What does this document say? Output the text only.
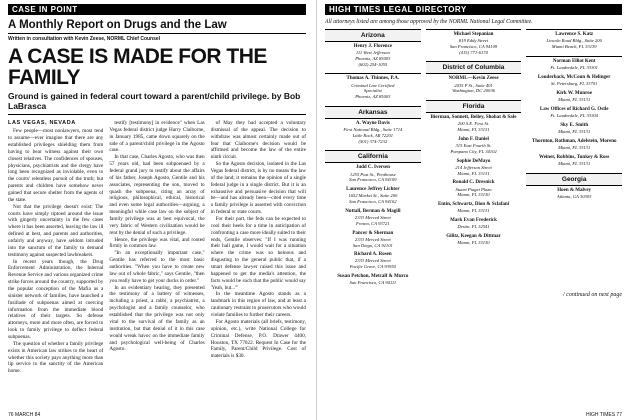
CASE IN POINT
A Monthly Report on Drugs and the Law
Written in consultation with Kevin Zeese, NORML Chief Counsel
A CASE IS MADE FOR THE FAMILY
Ground is gained in federal court toward a parent/child privilege. by Bob LaBrasca
LAS VEGAS, NEVADA

Few people—most nonlawyers, most tend to assume—ever imagine that there are any established privileges shielding them from having to bear witness against their own closest relatives. The confidences of spouses, physicians, psychiatrists and the clergy have long been recognized as inviolable, even to the courts' relentless pursuit of the truth; but parents and children have somehow never gained that secure shelter from the agents of the state.

Not that the privilege doesn't exist: The courts have simply tiptoed around the issue with gingerly uncertainty in the few cases where it has been asserted, leaving the law ill defined at best, and parents and authorities, unfairly and anyway, have seldom intruded into the sanctum of the family to demand testimony against suspected lawbreakers.

In recent years though, the Drug Enforcement Administration, the Internal Revenue Service and various organized crime strike forces around the country, supported by the popular conception of the Mafia as a sinister network of families, have launched a fusillade of subpoenas aimed at coercing information from the immediate blood relatives of their targets. So defense attorneys, more and more often, are forced to look to family privilege to deflect federal subpoenas.

The question of whether a family privilege exists in American law strikes to the heart of whether this society pays anything more than lip service to the sanctity of the American home.

testify [testimony] in evidence" when Las Vegas federal district judge Harry Claiborne, in January 1985, came down squarely on the side of a parent/child privilege in the Agosto case.

In that case, Charles Agosto, who was then 57 years old, had been subpoenaed by a federal grand jury to testify about the affairs of his father, Joseph Agosto, Gentile and his associates, representing the son, moved to quash the subpoena, citing an array of religious, philosophical, ethical, historical and even some legal authorities—arguing, a meaningful while case law on the subject of family privilege was at best equivocal, the very fabric of Western civilization would be rent by the denial of such a privilege.

Hence, the privilege was vital, and rooted firmly in common law.

"In an exceptionally important case," Gentile has referred to the most basic authorities. "When you have to create new law out of whole fabric," says Gentile, "then you really have to get your ducks in order."

In an evidentiary hearing, they presented the testimony of a battery of witnesses, including a priest, a rabbi, a psychiatrist, a psychologist and a family counselor, who established that the privilege was not only vital to the survival of the family as an institution, but that denial of it in this case would wreak havoc on the immediate family and psychological well-being of Charles Agosto.

of May they had accepted a voluntary dismissal of the appeal. The decision to withdraw was almost certainly made out of fear that Claiborne's decision would be affirmed and become the law of the entire ninth circuit.

So the Agosto decision, isolated in the Las Vegas federal district, is by no means the law of the land; it remains the opinion of a single federal judge in a single district. But it is an exhaustive and persuasive decision that will be—and has already been—cited every time a family privilege is asserted with conviction in federal or state courts.

For their part, the feds can be expected to cool their heels for a time in anticipation of confronting a case more ideally suited to their ends, Gentile observes: "If I was running their hall game, I would wait for a situation where the crime was so heinous and disgusting to the general public that, if a smart defense lawyer raised this issue and happened to get the media's attention, the facts would be such that the public would say 'Yeah, but...'"

In the meantime Agosto stands as a landmark in this region of law, and at least a cautionary restraint to prosecutors who would violate families to further their careers.

For Agosto materials (all briefs, testimony, opinion, etc.), write National College for Criminal Defense, P.O. Drawer 4400, Houston, TX 77022. Request In Case for the Family, Parent/Child Privilege. Cost of materials is $30.

76 MARCH 84
HIGH TIMES LEGAL DIRECTORY
All attorneys listed are among those approved by the NORML National Legal Committee.
Arizona
Henry J. Florence
111 West Jefferson
Phoenix, AZ 85003
(602) 254-1055
Thomas A. Thinnes, P.A.
Criminal Law Certified
Specialist
Phoenix, AZ 85003
Arkansas
A. Wayne Davis
First National Bldg., Suite 1714
Little Rock, AR 72201
(501) 374-7232
California
Judd C. Iversen
1255 Post St., Penthouse
San Francisco, CA 94109
Laurence Jeffrey Lichter
1652 Market St., Suite 200
San Francisco, CA 94102
Nuttall, Berman & Magill
2333 Merced Street
Fresno, CA 93721
Pancer & Sherman
2333 Merced Street
San Diego, CA 92101
Richard A. Rosen
2333 Merced Street
Pacific Grove, CA 93950
Susan Petchon, Metcalf & Murco
San Francisco, CA 94111
Michael Stepanian
819 Eddy Street
San Francisco, CA 94109
(415) 771-6174
District of Columbia
NORML—Kevin Zeese
2035 P St., Suite 401
Washington, DC 20036
Florida
Bierman, Sonnett, Beiley, Shohat & Sale
200 S.E. First St.
Miami, FL 33131
John F. Daniel
315 East Fourth St.
Pompano City, FL 34102
Sophie DeMayo
214 Jefferson Street
Miami, FL 33131
Ronald C. Dresnick
Stuart Piaget Plaza
Miami, FL 33130
Entin, Schwartz, Dion & Sclafani
Miami, FL 33131
Mark Evan Frederick
Destin, FL 32541
Gilitz, Keegan & Dittmar
Miami, FL 33130
Lawrence S. Katz
Lincoln Road Bldg., Suite 200
Miami Beach, FL 33139
Norman Elliot Kent
Ft. Lauderdale, FL 33301
Louderback, McCoun & Helinger
St. Petersburg, FL 33701
Kirk W. Munroe
Miami, FL 33131
Law Offices of Richard G. Ostle
Ft. Lauderdale, FL 33304
Sky E. Smith
Miami, FL 33131
Thornton, Rothman, Adelstein, Moreno
Miami, FL 33131
Weiner, Robbins, Tunkey & Ross
Miami, FL 33131
Georgia
Hoen & Malvey
Atlanta, GA 30303
/ continued on next page
HIGH TIMES 77
